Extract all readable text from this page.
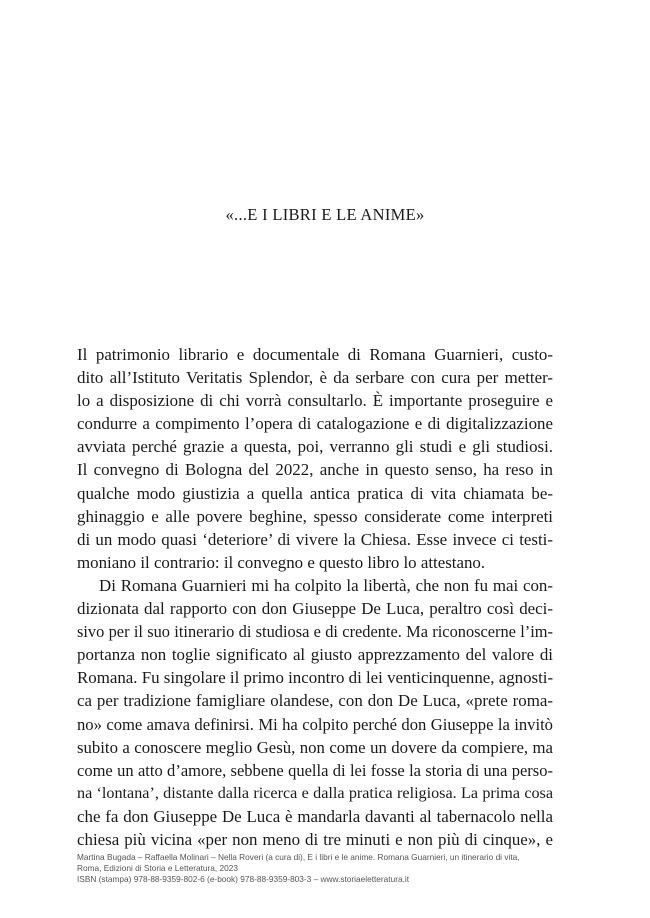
«...E I LIBRI E LE ANIME»
Il patrimonio librario e documentale di Romana Guarnieri, custo-
dito all’Istituto Veritatis Splendor, è da serbare con cura per metter-
lo a disposizione di chi vorrà consultarlo. È importante proseguire e
condurre a compimento l’opera di catalogazione e di digitalizzazione
avviata perché grazie a questa, poi, verranno gli studi e gli studiosi.
Il convegno di Bologna del 2022, anche in questo senso, ha reso in
qualche modo giustizia a quella antica pratica di vita chiamata be-
ghinaggio e alle povere beghine, spesso considerate come interpreti
di un modo quasi ‘deteriore’ di vivere la Chiesa. Esse invece ci testi-
moniano il contrario: il convegno e questo libro lo attestano.
Di Romana Guarnieri mi ha colpito la libertà, che non fu mai con-
dizionata dal rapporto con don Giuseppe De Luca, peraltro così deci-
sivo per il suo itinerario di studiosa e di credente. Ma riconoscerne l’im-
portanza non toglie significato al giusto apprezzamento del valore di
Romana. Fu singolare il primo incontro di lei venticinquenne, agnosti-
ca per tradizione famigliare olandese, con don De Luca, «prete roma-
no» come amava definirsi. Mi ha colpito perché don Giuseppe la invitò
subito a conoscere meglio Gesù, non come un dovere da compiere, ma
come un atto d’amore, sebbene quella di lei fosse la storia di una perso-
na ‘lontana’, distante dalla ricerca e dalla pratica religiosa. La prima cosa
che fa don Giuseppe De Luca è mandarla davanti al tabernacolo nella
chiesa più vicina «per non meno di tre minuti e non più di cinque», e
Martina Bugada – Raffaella Molinari – Nella Roveri (a cura di), E i libri e le anime. Romana Guarnieri, un itinerario di vita,
Roma, Edizioni di Storia e Letteratura, 2023
ISBN (stampa) 978-88-9359-802-6 (e-book) 978-88-9359-803-3 – www.storiaeletteratura.it
